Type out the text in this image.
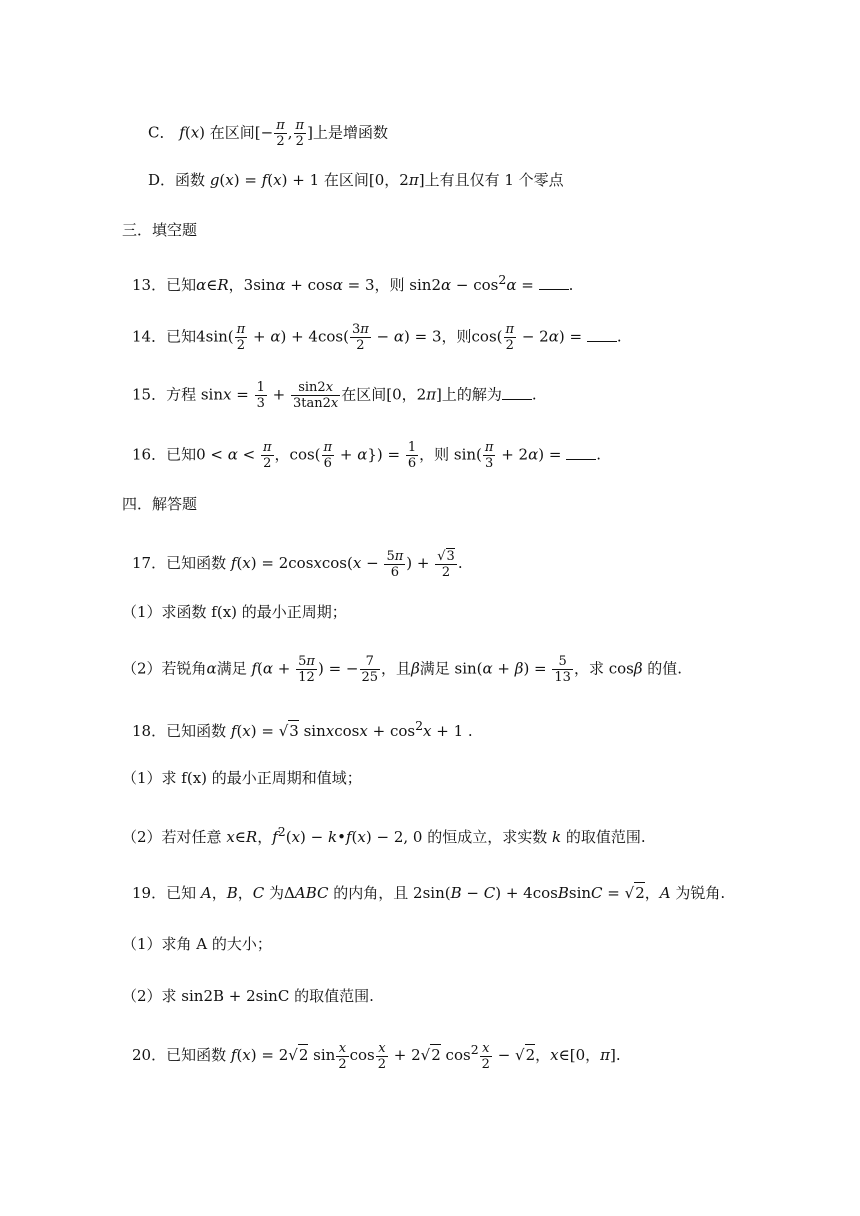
C． f(x) 在区间[− $\frac{\pi}{2}$ , $\frac{\pi}{2}$ ]上是增函数
D．函数 g(x) = f(x) + 1 在区间[0，2π]上有且仅有 1 个零点
三．填空题
13．已知α∈R，3sinα + cosα = 3，则 $\sin 2\alpha - \cos^2\alpha$ = .
14．已知$4\sin( \frac{\pi}{2} + \alpha) + 4\cos( \frac{3\pi}{2} - \alpha) = 3$，则$\cos( \frac{\pi}{2} - 2\alpha)$ = .
15．方程 $\sin x = \frac{1}{3} + \frac{\sin 2x}{3\tan 2x}$ 在区间[0，2π]上的解为 .
16．已知$0 < \alpha < \frac{\pi}{2}$ ，$\cos( \frac{\pi}{6} + \alpha\}) = \frac{1}{6}$ ，则 $\sin( \frac{\pi}{3} + 2\alpha)$ = .
四．解答题
17．已知函数 f(x) = 2cosxcos(x − $\frac{5\pi}{6}$ ) + $\frac{√3}{2}$ .
（1）求函数 f(x) 的最小正周期；
（2）若锐角α满足 $f(\alpha + \frac{5\pi}{12}$ ) = − $\frac{7}{25}$ ，且β满足 $\sin(\alpha + \beta) = \frac{5}{13}$ ，求 cosβ 的值.
18．已知函数 f(x) = √3 sinxcosx + $\cos^2x + 1$ .
（1）求 f(x) 的最小正周期和值域；
（2）若对任意 x∈R，$f^2(x)$ − k•f(x) − 2, 0 的恒成立，求实数 k 的取值范围.
19．已知 A，B，C 为ΔABC 的内角，且 2sin(B − C) + 4cosBsinC = √2，A 为锐角.
（1）求角 A 的大小；
（2）求 sin2B + 2sinC 的取值范围.
20．已知函数 f(x) = 2√2 $\sin \frac{x}{2}$ $\cos \frac{x}{2} + 2√2$ $\cos^2 \frac{x}{2} - √2$，x∈[0，π].
